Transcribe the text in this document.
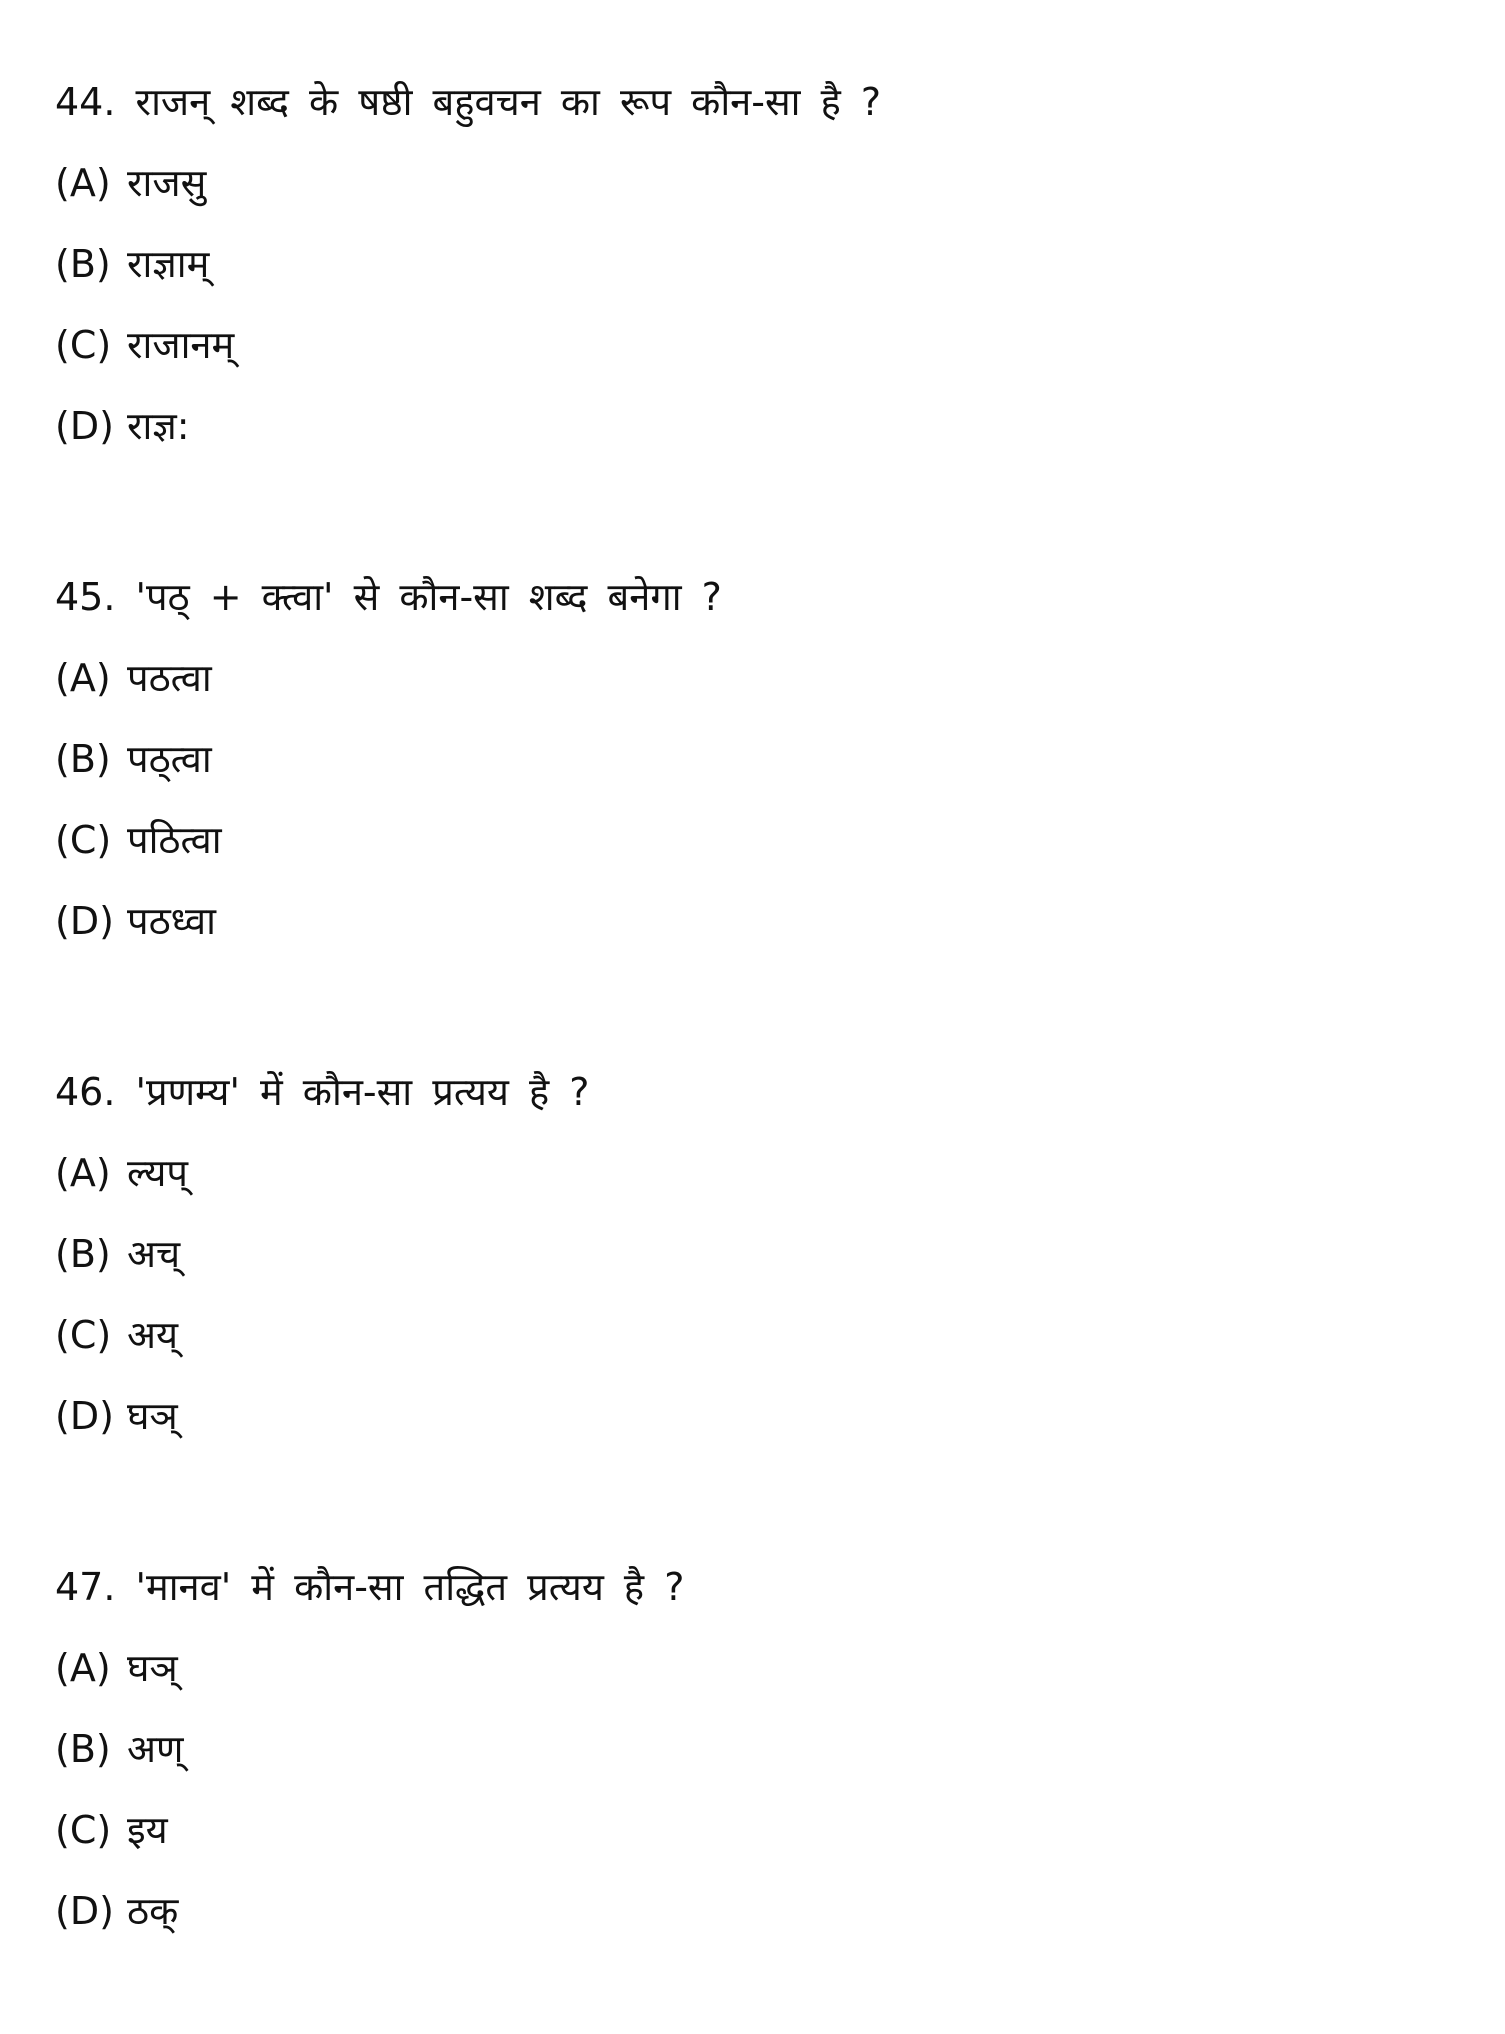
44. राजन् शब्द के षष्ठी बहुवचन का रूप कौन-सा है ?
(A) राजसु
(B) राज्ञाम्
(C) राजानम्
(D) राज्ञ:
45. 'पठ् + क्त्वा' से कौन-सा शब्द बनेगा ?
(A) पठत्वा
(B) पठ्त्वा
(C) पठित्वा
(D) पठध्वा
46. 'प्रणम्य' में कौन-सा प्रत्यय है ?
(A) ल्यप्
(B) अच्
(C) अय्
(D) घञ्
47. 'मानव' में कौन-सा तद्धित प्रत्यय है ?
(A) घञ्
(B) अण्
(C) इय
(D) ठक्
